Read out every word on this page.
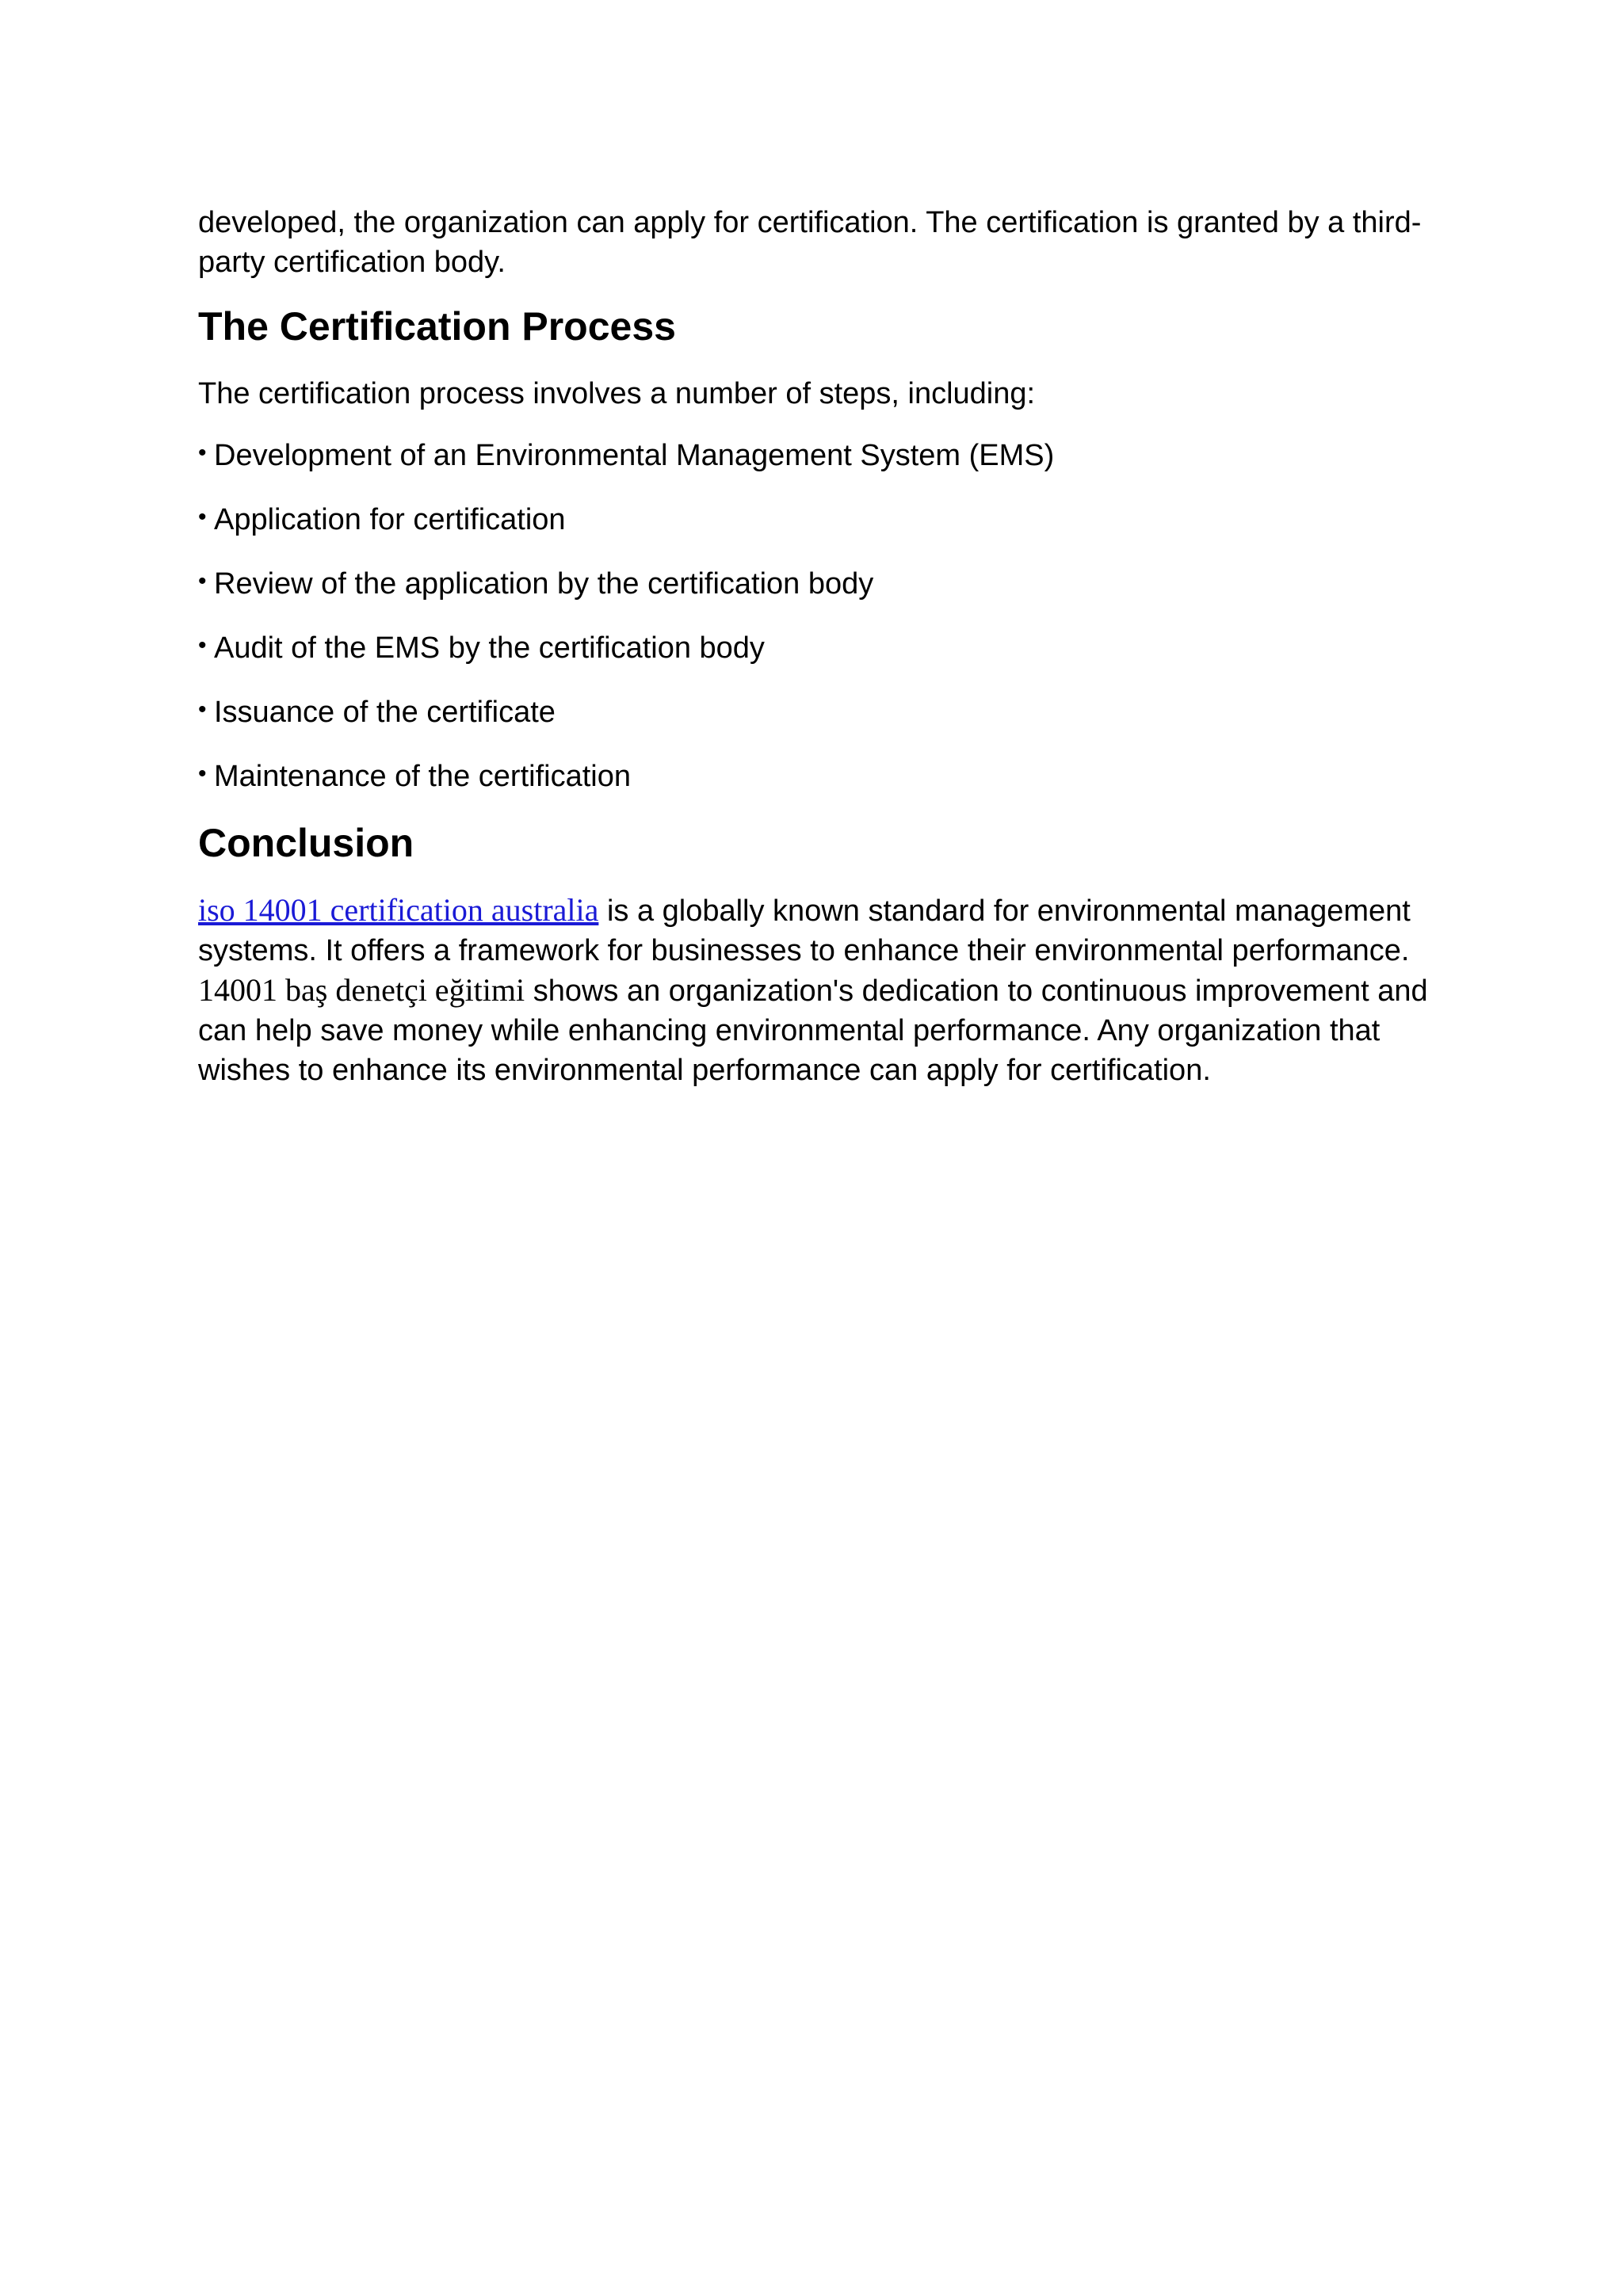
developed, the organization can apply for certification. The certification is granted by a third-party certification body.

The Certification Process

The certification process involves a number of steps, including:

• Development of an Environmental Management System (EMS)
• Application for certification
• Review of the application by the certification body
• Audit of the EMS by the certification body
• Issuance of the certificate
• Maintenance of the certification
Conclusion

iso 14001 certification australia is a globally known standard for environmental management systems. It offers a framework for businesses to enhance their environmental performance. 14001 baş denetçi eğitimi shows an organization's dedication to continuous improvement and can help save money while enhancing environmental performance. Any organization that wishes to enhance its environmental performance can apply for certification.
